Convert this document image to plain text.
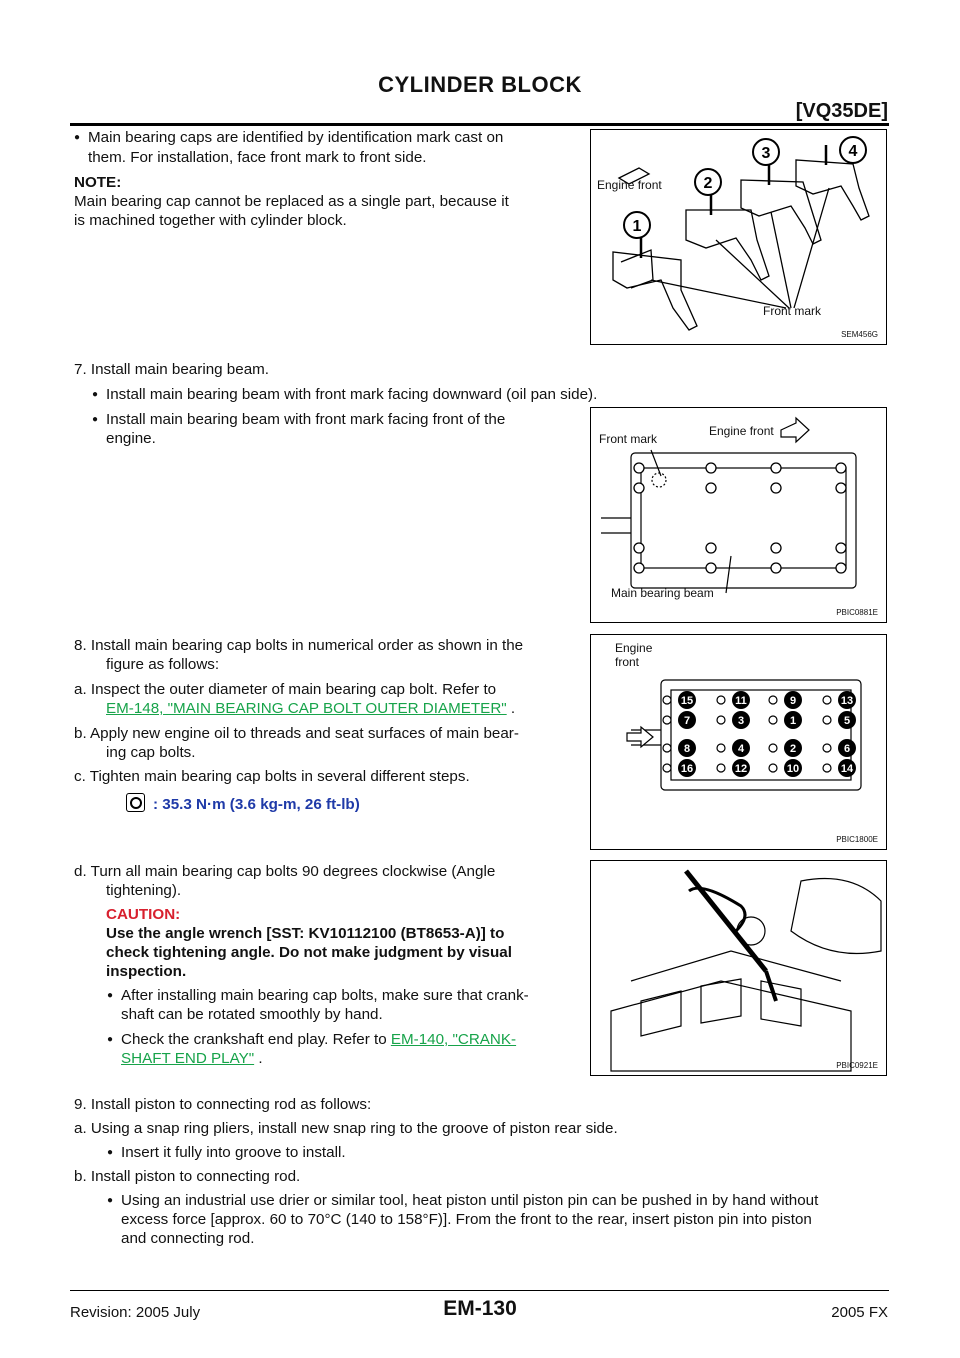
CYLINDER BLOCK
[VQ35DE]
● Main bearing caps are identified by identification mark cast on
them. For installation, face front mark to front side.
NOTE:
Main bearing cap cannot be replaced as a single part, because it
is machined together with cylinder block.
7. Install main bearing beam.
● Install main bearing beam with front mark facing downward (oil pan side).
● Install main bearing beam with front mark facing front of the
engine.
8. Install main bearing cap bolts in numerical order as shown in the
figure as follows:
a. Inspect the outer diameter of main bearing cap bolt. Refer to
EM-148, "MAIN BEARING CAP BOLT OUTER DIAMETER" .
b. Apply new engine oil to threads and seat surfaces of main bear-
ing cap bolts.
c. Tighten main bearing cap bolts in several different steps.
: 35.3 N·m (3.6 kg-m, 26 ft-lb)
d. Turn all main bearing cap bolts 90 degrees clockwise (Angle
tightening).
CAUTION:
Use the angle wrench [SST: KV10112100 (BT8653-A)] to
check tightening angle. Do not make judgment by visual
inspection.
● After installing main bearing cap bolts, make sure that crank-
shaft can be rotated smoothly by hand.
● Check the crankshaft end play. Refer to EM-140, "CRANK-
SHAFT END PLAY" .
9. Install piston to connecting rod as follows:
a. Using a snap ring pliers, install new snap ring to the groove of piston rear side.
● Insert it fully into groove to install.
b. Install piston to connecting rod.
● Using an industrial use drier or similar tool, heat piston until piston pin can be pushed in by hand without
excess force [approx. 60 to 70°C (140 to 158°F)]. From the front to the rear, insert piston pin into piston
and connecting rod.
1
2
3	4
Engine front
Front mark
SEM456G
Front mark
Engine front
Main bearing beam
PBIC0881E
15	11	9	13
7	3	1	5
8	4	2	6
16	12	10	14
Engine
front
PBIC1800E
PBIC0921E
Revision: 2005 July	EM-130	2005 FX
